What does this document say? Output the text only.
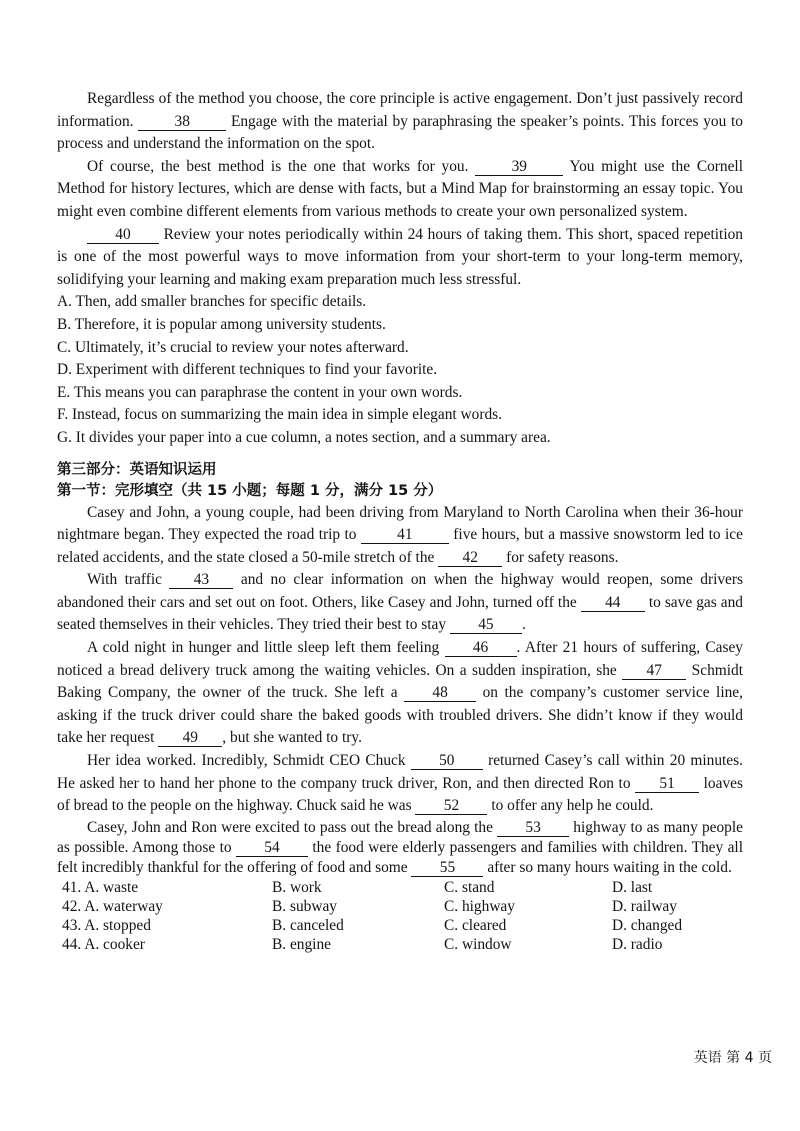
Regardless of the method you choose, the core principle is active engagement. Don’t just passively record information.	38	Engage with the material by paraphrasing the speaker’s points. This forces you to process and understand the information on the spot.

Of course, the best method is the one that works for you.	39	You might use the Cornell Method for history lectures, which are dense with facts, but a Mind Map for brainstorming an essay topic. You might even combine different elements from various methods to create your own personalized system.

40 Review your notes periodically within 24 hours of taking them. This short, spaced repetition is one of the most powerful ways to move information from your short-term to your long-term memory, solidifying your learning and making exam preparation much less stressful.

A. Then, add smaller branches for specific details.

B. Therefore, it is popular among university students.

C. Ultimately, it’s crucial to review your notes afterward.

D. Experiment with different techniques to find your favorite.

E. This means you can paraphrase the content in your own words.

F. Instead, focus on summarizing the main idea in simple elegant words.

G. It divides your paper into a cue column, a notes section, and a summary area.

第三部分：英语知识运用

第一节：完形填空（共 15 小题；每题 1 分，满分 15 分）

Casey and John, a young couple, had been driving from Maryland to North Carolina when their 36-hour nightmare began. They expected the road trip to	41	five hours, but a massive snowstorm led to ice related accidents, and the state closed a 50-mile stretch of the 42 for safety reasons.

With traffic 43 and no clear information on when the highway would reopen, some drivers abandoned their cars and set out on foot. Others, like Casey and John, turned off the 44 to save gas and seated themselves in their vehicles. They tried their best to stay 45 .

A cold night in hunger and little sleep left them feeling 46 . After 21 hours of suffering, Casey noticed a bread delivery truck among the waiting vehicles. On a sudden inspiration, she 47 Schmidt Baking Company, the owner of the truck. She left a 48 on the company’s customer service line, asking if the truck driver could share the baked goods with troubled drivers. She didn’t know if they would take her request 49 , but she wanted to try.

Her idea worked. Incredibly, Schmidt CEO Chuck 50 returned Casey’s call within 20 minutes. He asked her to hand her phone to the company truck driver, Ron, and then directed Ron to 51 loaves of bread to the people on the highway. Chuck said he was 52 to offer any help he could.

Casey, John and Ron were excited to pass out the bread along the 53 highway to as many people as possible. Among those to 54 the food were elderly passengers and families with children. They all felt incredibly thankful for the offering of food and some 55 after so many hours waiting in the cold.

41. A. waste	B. work	C. stand	D. last
42. A. waterway	B. subway	C. highway	D. railway
43. A. stopped	B. canceled	C. cleared	D. changed
44. A. cooker	B. engine	C. window	D. radio
英语 第 4 页
